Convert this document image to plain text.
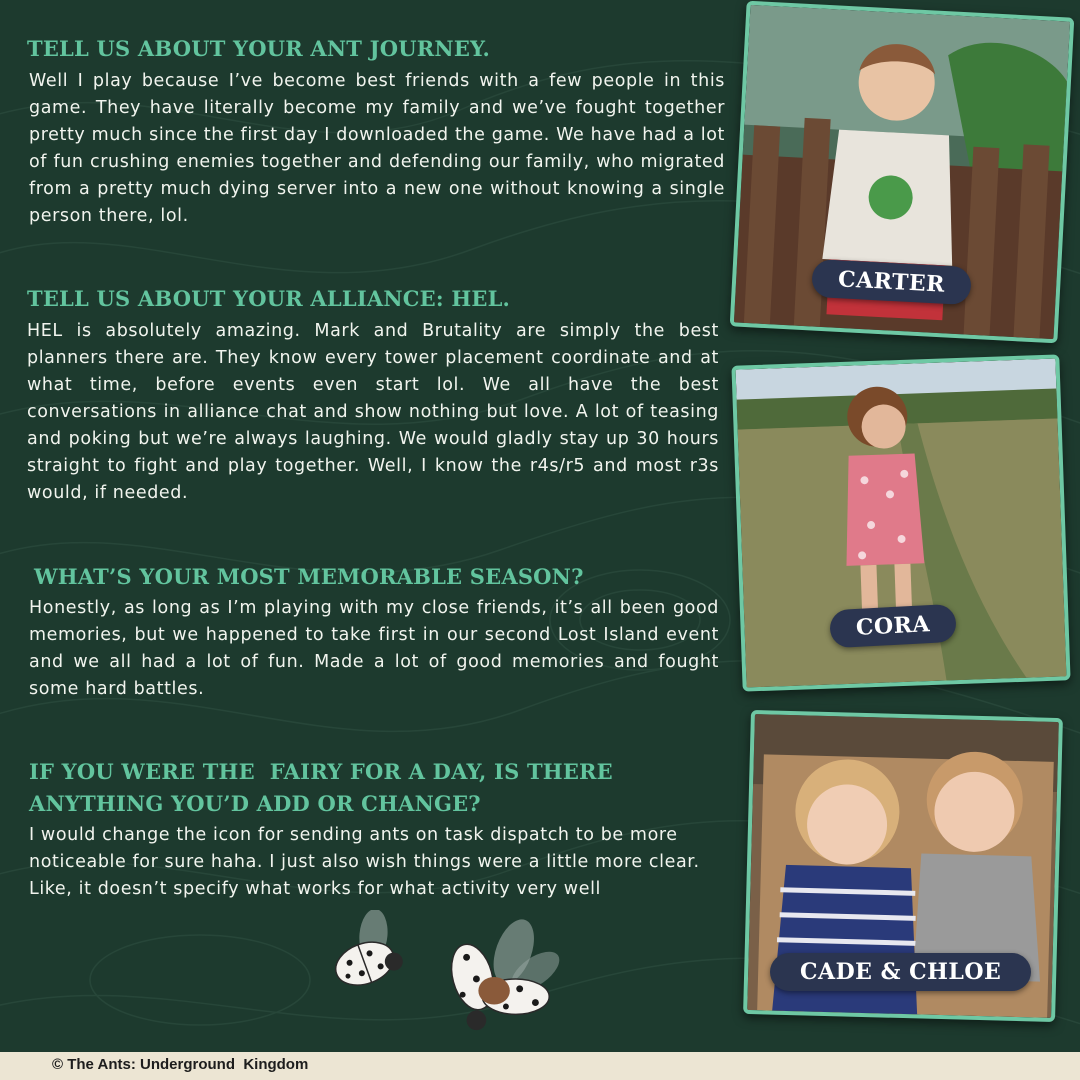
TELL US ABOUT YOUR ANT JOURNEY.

Well I play because I’ve become best friends with a few people in this game. They have literally become my family and we’ve fought together pretty much since the first day I downloaded the game. We have had a lot of fun crushing enemies together and defending our family, who migrated from a pretty much dying server into a new one without knowing a single person there, lol.

TELL US ABOUT YOUR ALLIANCE: HEL.

HEL is absolutely amazing. Mark and Brutality are simply the best planners there are. They know every tower placement coordinate and at what time, before events even start lol. We all have the best conversations in alliance chat and show nothing but love. A lot of teasing and poking but we’re always laughing. We would gladly stay up 30 hours straight to fight and play together. Well, I know the r4s/r5 and most r3s would, if needed.

WHAT’S YOUR MOST MEMORABLE SEASON?

Honestly, as long as I’m playing with my close friends, it’s all been good memories, but we happened to take first in our second Lost Island event and we all had a lot of fun. Made a lot of good memories and fought some hard battles.

IF YOU WERE THE  FAIRY FOR A DAY, IS THERE
ANYTHING YOU’D ADD OR CHANGE?

I would change the icon for sending ants on task dispatch to be more noticeable for sure haha. I just also wish things were a little more clear. Like, it doesn’t specify what works for what activity very well

CARTER
CORA
CADE & CHLOE
© The Ants: Underground  Kingdom
